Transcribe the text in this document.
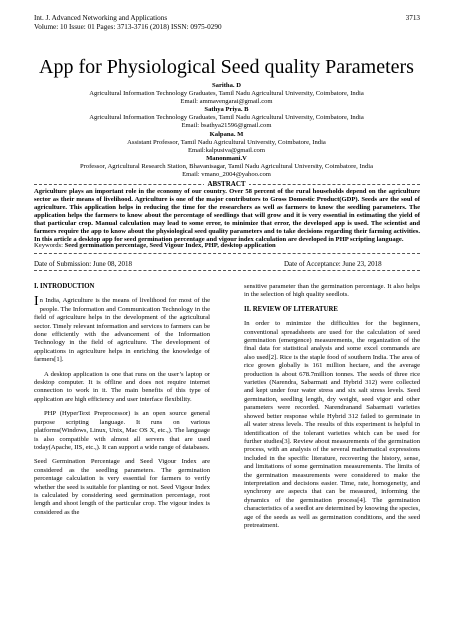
Int. J. Advanced Networking and Applications
Volume: 10 Issue: 01 Pages: 3713-3716 (2018) ISSN: 0975-0290
3713
App for Physiological Seed quality Parameters
Saritha. D
Agricultural Information Technology Graduates, Tamil Nadu Agricultural University, Coimbatore, India
Email: ammavengarai@gmail.com
Sathya Priya. B
Agricultural Information Technology Graduates, Tamil Nadu Agricultural University, Coimbatore, India
Email: bsathya21596@gmail.com
Kalpana. M
Assistant Professor, Tamil Nadu Agricultural University, Coimbatore, India
Email:kalpusiva@gmail.com
Manonmani.V
Professor, Agricultural Research Station, Bhavanisagar, Tamil Nadu Agricultural University, Coimbatore, India
Email: vmano_2004@yahoo.com
ABSTRACT
Agriculture plays an important role in the economy of our country. Over 58 percent of the rural households depend on the agriculture sector as their means of livelihood. Agriculture is one of the major contributors to Gross Domestic Product(GDP). Seeds are the soul of agriculture. This application helps in reducing the time for the researchers as well as farmers to know the seedling parameters. The application helps the farmers to know about the percentage of seedlings that will grow and it is very essential in estimating the yield of that particular crop. Manual calculation may lead to some error, to minimize that error, the developed app is used. The scientist and farmers require the app to know about the physiological seed quality parameters and to take decisions regarding their farming activities. In this article a desktop app for seed germination percentage and vigour index calculation are developed in PHP scripting language.
Keywords: Seed germination percentage, Seed Vigour Index, PHP, desktop application
Date of Submission: June 08, 2018	Date of Acceptance: June 23, 2018
I. INTRODUCTION

In India, Agriculture is the means of livelihood for most of the people. The Information and Communication Technology in the field of agriculture helps in the development of the agricultural sector. Timely relevant information and services to farmers can be done efficiently with the advancement of the Information Technology in the field of agriculture. The development of applications in agriculture helps in enriching the knowledge of farmers[1].

A desktop application is one that runs on the user’s laptop or desktop computer. It is offline and does not require internet connection to work in it. The main benefits of this type of application are high efficiency and user interface flexibility.

PHP (HyperText Preprocessor) is an open source general purpose scripting language. It runs on various platforms(Windows, Linux, Unix, Mac OS X, etc.,). The language is also compatible with almost all servers that are used today(Apache, IIS, etc.,). It can support a wide range of databases.

Seed Germination Percentage and Seed Vigour Index are considered as the seedling parameters. The germination percentage calculation is very essential for farmers to verify whether the seed is suitable for planting or not. Seed Vigour Index is calculated by considering seed germination percentage, root length and shoot length of the particular crop. The vigour index is considered as the

sensitive parameter than the germination percentage. It also helps in the selection of high quality seedlots.

II. REVIEW OF LITERATURE

In order to minimize the difficulties for the beginners, conventional spreadsheets are used for the calculation of seed germination (emergence) measurements, the organization of the final data for statistical analysis and some excel commands are also used[2]. Rice is the staple food of southern India. The area of rice grown globally is 161 million hectare, and the average production is about 678.7million tonnes. The seeds of three rice varieties (Narendra, Sabarmati and Hybrid 312) were collected and kept under four water stress and six salt stress levels. Seed germination, seedling length, dry weight, seed vigor and other parameters were recorded. Narendranand Sabarmati varieties showed better response while Hybrid 312 failed to germinate in all water stress levels. The results of this experiment is helpful in identification of the tolerant varieties which can be used for further studies[3]. Review about measurements of the germination process, with an analysis of the several mathematical expressions included in the specific literature, recovering the history, sense, and limitations of some germination measurements. The limits of the germination measurements were considered to make the interpretation and decisions easier. Time, rate, homogeneity, and synchrony are aspects that can be measured, informing the dynamics of the germination process[4]. The germination characteristics of a seedlot are determined by knowing the species, age of the seeds as well as germination conditions, and the seed pretreatment.
